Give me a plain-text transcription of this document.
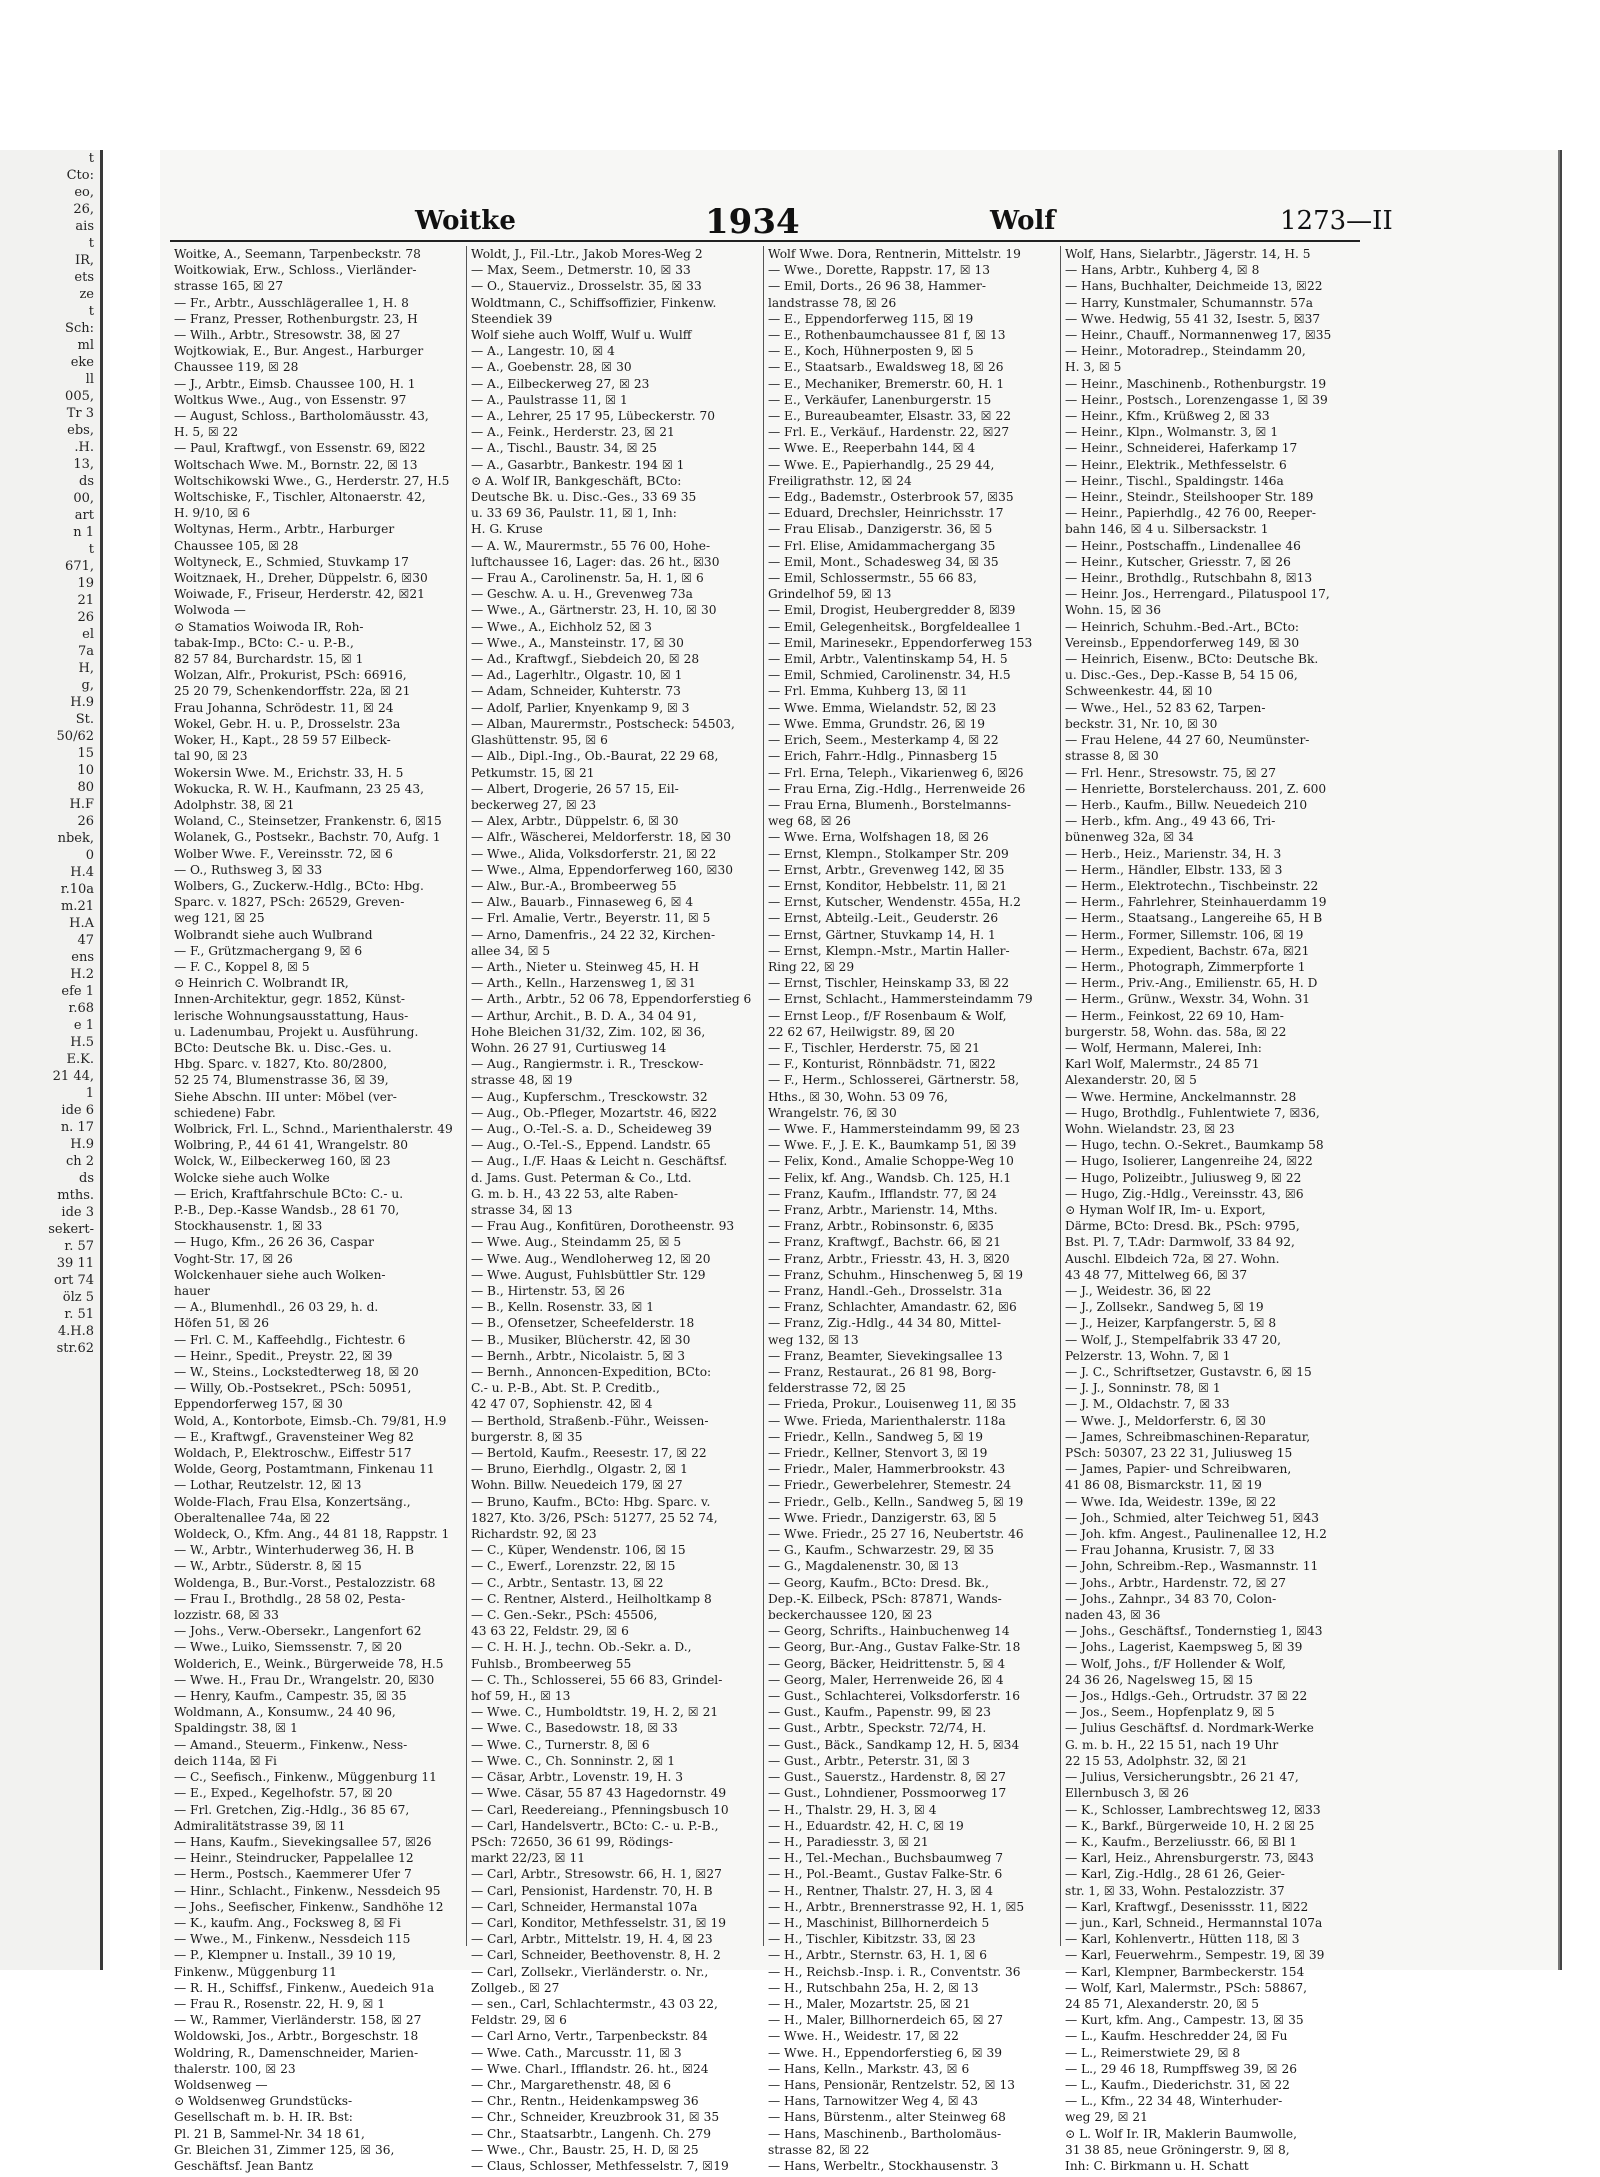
t
Cto:
eo,
26,
ais
t
IR,
ets
ze
t
Sch:
ml
eke
ll
005,
Tr 3
ebs,
.H.
13,
ds
00,
art
n 1
t
671,
19
21
26
el
7a
H,
g,
H.9
St.
50/62
15
10
80
H.F
26
nbek,
0
H.4
r.10a
m.21
H.A
47
ens
H.2
efe 1
r.68
e 1
H.5
E.K.
21 44,
1
ide 6
n. 17
H.9
ch 2
ds
mths.
ide 3
sekert-
r. 57
39 11
ort 74
ölz 5
r. 51
4.H.8
str.62
Woitke	1934	Wolf	1273—II
Woitke, A., Seemann, Tarpenbeckstr. 78
Woitkowiak, Erw., Schloss., Vierländer-
strasse 165, ☒ 27
— Fr., Arbtr., Ausschlägerallee 1, H. 8
— Franz, Presser, Rothenburgstr. 23, H
— Wilh., Arbtr., Stresowstr. 38, ☒ 27
Wojtkowiak, E., Bur. Angest., Harburger
Chaussee 119, ☒ 28
— J., Arbtr., Eimsb. Chaussee 100, H. 1
Woltkus Wwe., Aug., von Essenstr. 97
— August, Schloss., Bartholomäusstr. 43,
H. 5, ☒ 22
— Paul, Kraftwgf., von Essenstr. 69, ☒22
Woltschach Wwe. M., Bornstr. 22, ☒ 13
Woltschikowski Wwe., G., Herderstr. 27, H.5
Woltschiske, F., Tischler, Altonaerstr. 42,
H. 9/10, ☒ 6
Woltynas, Herm., Arbtr., Harburger
Chaussee 105, ☒ 28
Woltyneck, E., Schmied, Stuvkamp 17
Woitznaek, H., Dreher, Düppelstr. 6, ☒30
Woiwade, F., Friseur, Herderstr. 42, ☒21
Wolwoda —
⊙ Stamatios Woiwoda IR, Roh-
tabak-Imp., BCto: C.- u. P.-B.,
82 57 84, Burchardstr. 15, ☒ 1
Wolzan, Alfr., Prokurist, PSch: 66916,
25 20 79, Schenkendorffstr. 22a, ☒ 21
Frau Johanna, Schrödestr. 11, ☒ 24
Wokel, Gebr. H. u. P., Drosselstr. 23a
Woker, H., Kapt., 28 59 57 Eilbeck-
tal 90, ☒ 23
Wokersin Wwe. M., Erichstr. 33, H. 5
Wokucka, R. W. H., Kaufmann, 23 25 43,
Adolphstr. 38, ☒ 21
Woland, C., Steinsetzer, Frankenstr. 6, ☒15
Wolanek, G., Postsekr., Bachstr. 70, Aufg. 1
Wolber Wwe. F., Vereinsstr. 72, ☒ 6
— O., Ruthsweg 3, ☒ 33
Wolbers, G., Zuckerw.-Hdlg., BCto: Hbg.
Sparc. v. 1827, PSch: 26529, Greven-
weg 121, ☒ 25
Wolbrandt siehe auch Wulbrand
— F., Grützmachergang 9, ☒ 6
— F. C., Koppel 8, ☒ 5
⊙ Heinrich C. Wolbrandt IR,
Innen-Architektur, gegr. 1852, Künst-
lerische Wohnungsausstattung, Haus-
u. Ladenumbau, Projekt u. Ausführung.
BCto: Deutsche Bk. u. Disc.-Ges. u.
Hbg. Sparc. v. 1827, Kto. 80/2800,
52 25 74, Blumenstrasse 36, ☒ 39,
Siehe Abschn. III unter: Möbel (ver-
schiedene) Fabr.
Wolbrick, Frl. L., Schnd., Marienthalerstr. 49
Wolbring, P., 44 61 41, Wrangelstr. 80
Wolck, W., Eilbeckerweg 160, ☒ 23
Wolcke siehe auch Wolke
— Erich, Kraftfahrschule BCto: C.- u.
P.-B., Dep.-Kasse Wandsb., 28 61 70,
Stockhausenstr. 1, ☒ 33
— Hugo, Kfm., 26 26 36, Caspar
Voght-Str. 17, ☒ 26
Wolckenhauer siehe auch Wolken-
hauer
— A., Blumenhdl., 26 03 29, h. d.
Höfen 51, ☒ 26
— Frl. C. M., Kaffeehdlg., Fichtestr. 6
— Heinr., Spedit., Preystr. 22, ☒ 39
— W., Steins., Lockstedterweg 18, ☒ 20
— Willy, Ob.-Postsekret., PSch: 50951,
Eppendorferweg 157, ☒ 30
Wold, A., Kontorbote, Eimsb.-Ch. 79/81, H.9
— E., Kraftwgf., Gravensteiner Weg 82
Woldach, P., Elektroschw., Eiffestr 517
Wolde, Georg, Postamtmann, Finkenau 11
— Lothar, Reutzelstr. 12, ☒ 13
Wolde-Flach, Frau Elsa, Konzertsäng.,
Oberaltenallee 74a, ☒ 22
Woldeck, O., Kfm. Ang., 44 81 18, Rappstr. 1
— W., Arbtr., Winterhuderweg 36, H. B
— W., Arbtr., Süderstr. 8, ☒ 15
Woldenga, B., Bur.-Vorst., Pestalozzistr. 68
— Frau I., Brothdlg., 28 58 02, Pesta-
lozzistr. 68, ☒ 33
— Johs., Verw.-Obersekr., Langenfort 62
— Wwe., Luiko, Siemssenstr. 7, ☒ 20
Wolderich, E., Weink., Bürgerweide 78, H.5
— Wwe. H., Frau Dr., Wrangelstr. 20, ☒30
— Henry, Kaufm., Campestr. 35, ☒ 35
Woldmann, A., Konsumw., 24 40 96,
Spaldingstr. 38, ☒ 1
— Amand., Steuerm., Finkenw., Ness-
deich 114a, ☒ Fi
— C., Seefisch., Finkenw., Müggenburg 11
— E., Exped., Kegelhofstr. 57, ☒ 20
— Frl. Gretchen, Zig.-Hdlg., 36 85 67,
Admiralitätstrasse 39, ☒ 11
— Hans, Kaufm., Sievekingsallee 57, ☒26
— Heinr., Steindrucker, Pappelallee 12
— Herm., Postsch., Kaemmerer Ufer 7
— Hinr., Schlacht., Finkenw., Nessdeich 95
— Johs., Seefischer, Finkenw., Sandhöhe 12
— K., kaufm. Ang., Focksweg 8, ☒ Fi
— Wwe., M., Finkenw., Nessdeich 115
— P., Klempner u. Install., 39 10 19,
Finkenw., Müggenburg 11
— R. H., Schiffsf., Finkenw., Auedeich 91a
— Frau R., Rosenstr. 22, H. 9, ☒ 1
— W., Rammer, Vierländerstr. 158, ☒ 27
Woldowski, Jos., Arbtr., Borgeschstr. 18
Woldring, R., Damenschneider, Marien-
thalerstr. 100, ☒ 23
Woldsenweg —
⊙ Woldsenweg Grundstücks-
Gesellschaft m. b. H. IR. Bst:
Pl. 21 B, Sammel-Nr. 34 18 61,
Gr. Bleichen 31, Zimmer 125, ☒ 36,
Geschäftsf. Jean Bantz
Woldt, J., Fil.-Ltr., Jakob Mores-Weg 2
— Max, Seem., Detmerstr. 10, ☒ 33
— O., Stauerviz., Drosselstr. 35, ☒ 33
Woldtmann, C., Schiffsoffizier, Finkenw.
Steendiek 39
Wolf siehe auch Wolff, Wulf u. Wulff
— A., Langestr. 10, ☒ 4
— A., Goebenstr. 28, ☒ 30
— A., Eilbeckerweg 27, ☒ 23
— A., Paulstrasse 11, ☒ 1
— A., Lehrer, 25 17 95, Lübeckerstr. 70
— A., Feink., Herderstr. 23, ☒ 21
— A., Tischl., Baustr. 34, ☒ 25
— A., Gasarbtr., Bankestr. 194 ☒ 1
⊙ A. Wolf IR, Bankgeschäft, BCto:
Deutsche Bk. u. Disc.-Ges., 33 69 35
u. 33 69 36, Paulstr. 11, ☒ 1, Inh:
H. G. Kruse
— A. W., Maurermstr., 55 76 00, Hohe-
luftchaussee 16, Lager: das. 26 ht., ☒30
— Frau A., Carolinenstr. 5a, H. 1, ☒ 6
— Geschw. A. u. H., Grevenweg 73a
— Wwe., A., Gärtnerstr. 23, H. 10, ☒ 30
— Wwe., A., Eichholz 52, ☒ 3
— Wwe., A., Mansteinstr. 17, ☒ 30
— Ad., Kraftwgf., Siebdeich 20, ☒ 28
— Ad., Lagerhltr., Olgastr. 10, ☒ 1
— Adam, Schneider, Kuhterstr. 73
— Adolf, Parlier, Knyenkamp 9, ☒ 3
— Alban, Maurermstr., Postscheck: 54503,
Glashüttenstr. 95, ☒ 6
— Alb., Dipl.-Ing., Ob.-Baurat, 22 29 68,
Petkumstr. 15, ☒ 21
— Albert, Drogerie, 26 57 15, Eil-
beckerweg 27, ☒ 23
— Alex, Arbtr., Düppelstr. 6, ☒ 30
— Alfr., Wäscherei, Meldorferstr. 18, ☒ 30
— Wwe., Alida, Volksdorferstr. 21, ☒ 22
— Wwe., Alma, Eppendorferweg 160, ☒30
— Alw., Bur.-A., Brombeerweg 55
— Alw., Bauarb., Finnaseweg 6, ☒ 4
— Frl. Amalie, Vertr., Beyerstr. 11, ☒ 5
— Arno, Damenfris., 24 22 32, Kirchen-
allee 34, ☒ 5
— Arth., Nieter u. Steinweg 45, H. H
— Arth., Kelln., Harzensweg 1, ☒ 31
— Arth., Arbtr., 52 06 78, Eppendorferstieg 6
— Arthur, Archit., B. D. A., 34 04 91,
Hohe Bleichen 31/32, Zim. 102, ☒ 36,
Wohn. 26 27 91, Curtiusweg 14
— Aug., Rangiermstr. i. R., Tresckow-
strasse 48, ☒ 19
— Aug., Kupferschm., Tresckowstr. 32
— Aug., Ob.-Pfleger, Mozartstr. 46, ☒22
— Aug., O.-Tel.-S. a. D., Scheideweg 39
— Aug., O.-Tel.-S., Eppend. Landstr. 65
— Aug., I./F. Haas & Leicht n. Geschäftsf.
d. Jams. Gust. Peterman & Co., Ltd.
G. m. b. H., 43 22 53, alte Raben-
strasse 34, ☒ 13
— Frau Aug., Konfitüren, Dorotheenstr. 93
— Wwe. Aug., Steindamm 25, ☒ 5
— Wwe. Aug., Wendloherweg 12, ☒ 20
— Wwe. August, Fuhlsbüttler Str. 129
— B., Hirtenstr. 53, ☒ 26
— B., Kelln. Rosenstr. 33, ☒ 1
— B., Ofensetzer, Scheefelderstr. 18
— B., Musiker, Blücherstr. 42, ☒ 30
— Bernh., Arbtr., Nicolaistr. 5, ☒ 3
— Bernh., Annoncen-Expedition, BCto:
C.- u. P.-B., Abt. St. P. Creditb.,
42 47 07, Sophienstr. 42, ☒ 4
— Berthold, Straßenb.-Führ., Weissen-
burgerstr. 8, ☒ 35
— Bertold, Kaufm., Reesestr. 17, ☒ 22
— Bruno, Eierhdlg., Olgastr. 2, ☒ 1
Wohn. Billw. Neuedeich 179, ☒ 27
— Bruno, Kaufm., BCto: Hbg. Sparc. v.
1827, Kto. 3/26, PSch: 51277, 25 52 74,
Richardstr. 92, ☒ 23
— C., Küper, Wendenstr. 106, ☒ 15
— C., Ewerf., Lorenzstr. 22, ☒ 15
— C., Arbtr., Sentastr. 13, ☒ 22
— C. Rentner, Alsterd., Heilholtkamp 8
— C. Gen.-Sekr., PSch: 45506,
43 63 22, Feldstr. 29, ☒ 6
— C. H. H. J., techn. Ob.-Sekr. a. D.,
Fuhlsb., Brombeerweg 55
— C. Th., Schlosserei, 55 66 83, Grindel-
hof 59, H., ☒ 13
— Wwe. C., Humboldtstr. 19, H. 2, ☒ 21
— Wwe. C., Basedowstr. 18, ☒ 33
— Wwe. C., Turnerstr. 8, ☒ 6
— Wwe. C., Ch. Sonninstr. 2, ☒ 1
— Cäsar, Arbtr., Lovenstr. 19, H. 3
— Wwe. Cäsar, 55 87 43 Hagedornstr. 49
— Carl, Reedereiang., Pfenningsbusch 10
— Carl, Handelsvertr., BCto: C.- u. P.-B.,
PSch: 72650, 36 61 99, Rödings-
markt 22/23, ☒ 11
— Carl, Arbtr., Stresowstr. 66, H. 1, ☒27
— Carl, Pensionist, Hardenstr. 70, H. B
— Carl, Schneider, Hermanstal 107a
— Carl, Konditor, Methfesselstr. 31, ☒ 19
— Carl, Arbtr., Mittelstr. 19, H. 4, ☒ 23
— Carl, Schneider, Beethovenstr. 8, H. 2
— Carl, Zollsekr., Vierländerstr. o. Nr.,
Zollgeb., ☒ 27
— sen., Carl, Schlachtermstr., 43 03 22,
Feldstr. 29, ☒ 6
— Carl Arno, Vertr., Tarpenbeckstr. 84
— Wwe. Cath., Marcusstr. 11, ☒ 3
— Wwe. Charl., Ifflandstr. 26. ht., ☒24
— Chr., Margarethenstr. 48, ☒ 6
— Chr., Rentn., Heidenkampsweg 36
— Chr., Schneider, Kreuzbrook 31, ☒ 35
— Chr., Staatsarbtr., Langenh. Ch. 279
— Wwe., Chr., Baustr. 25, H. D, ☒ 25
— Claus, Schlosser, Methfesselstr. 7, ☒19
Wolf Wwe. Dora, Rentnerin, Mittelstr. 19
— Wwe., Dorette, Rappstr. 17, ☒ 13
— Emil, Dorts., 26 96 38, Hammer-
landstrasse 78, ☒ 26
— E., Eppendorferweg 115, ☒ 19
— E., Rothenbaumchaussee 81 f, ☒ 13
— E., Koch, Hühnerposten 9, ☒ 5
— E., Staatsarb., Ewaldsweg 18, ☒ 26
— E., Mechaniker, Bremerstr. 60, H. 1
— E., Verkäufer, Lanenburgerstr. 15
— E., Bureaubeamter, Elsastr. 33, ☒ 22
— Frl. E., Verkäuf., Hardenstr. 22, ☒27
— Wwe. E., Reeperbahn 144, ☒ 4
— Wwe. E., Papierhandlg., 25 29 44,
Freiligrathstr. 12, ☒ 24
— Edg., Bademstr., Osterbrook 57, ☒35
— Eduard, Drechsler, Heinrichsstr. 17
— Frau Elisab., Danzigerstr. 36, ☒ 5
— Frl. Elise, Amidammachergang 35
— Emil, Mont., Schadesweg 34, ☒ 35
— Emil, Schlossermstr., 55 66 83,
Grindelhof 59, ☒ 13
— Emil, Drogist, Heubergredder 8, ☒39
— Emil, Gelegenheitsk., Borgfeldeallee 1
— Emil, Marinesekr., Eppendorferweg 153
— Emil, Arbtr., Valentinskamp 54, H. 5
— Emil, Schmied, Carolinenstr. 34, H.5
— Frl. Emma, Kuhberg 13, ☒ 11
— Wwe. Emma, Wielandstr. 52, ☒ 23
— Wwe. Emma, Grundstr. 26, ☒ 19
— Erich, Seem., Mesterkamp 4, ☒ 22
— Erich, Fahrr.-Hdlg., Pinnasberg 15
— Frl. Erna, Teleph., Vikarienweg 6, ☒26
— Frau Erna, Zig.-Hdlg., Herrenweide 26
— Frau Erna, Blumenh., Borstelmanns-
weg 68, ☒ 26
— Wwe. Erna, Wolfshagen 18, ☒ 26
— Ernst, Klempn., Stolkamper Str. 209
— Ernst, Arbtr., Grevenweg 142, ☒ 35
— Ernst, Konditor, Hebbelstr. 11, ☒ 21
— Ernst, Kutscher, Wendenstr. 455a, H.2
— Ernst, Abteilg.-Leit., Geuderstr. 26
— Ernst, Gärtner, Stuvkamp 14, H. 1
— Ernst, Klempn.-Mstr., Martin Haller-
Ring 22, ☒ 29
— Ernst, Tischler, Heinskamp 33, ☒ 22
— Ernst, Schlacht., Hammersteindamm 79
— Ernst Leop., f/F Rosenbaum & Wolf,
22 62 67, Heilwigstr. 89, ☒ 20
— F., Tischler, Herderstr. 75, ☒ 21
— F., Konturist, Rönnbädstr. 71, ☒22
— F., Herm., Schlosserei, Gärtnerstr. 58,
Hths., ☒ 30, Wohn. 53 09 76,
Wrangelstr. 76, ☒ 30
— Wwe. F., Hammersteindamm 99, ☒ 23
— Wwe. F., J. E. K., Baumkamp 51, ☒ 39
— Felix, Kond., Amalie Schoppe-Weg 10
— Felix, kf. Ang., Wandsb. Ch. 125, H.1
— Franz, Kaufm., Ifflandstr. 77, ☒ 24
— Franz, Arbtr., Marienstr. 14, Mths.
— Franz, Arbtr., Robinsonstr. 6, ☒35
— Franz, Kraftwgf., Bachstr. 66, ☒ 21
— Franz, Arbtr., Friesstr. 43, H. 3, ☒20
— Franz, Schuhm., Hinschenweg 5, ☒ 19
— Franz, Handl.-Geh., Drosselstr. 31a
— Franz, Schlachter, Amandastr. 62, ☒6
— Franz, Zig.-Hdlg., 44 34 80, Mittel-
weg 132, ☒ 13
— Franz, Beamter, Sievekingsallee 13
— Franz, Restaurat., 26 81 98, Borg-
felderstrasse 72, ☒ 25
— Frieda, Prokur., Louisenweg 11, ☒ 35
— Wwe. Frieda, Marienthalerstr. 118a
— Friedr., Kelln., Sandweg 5, ☒ 19
— Friedr., Kellner, Stenvort 3, ☒ 19
— Friedr., Maler, Hammerbrookstr. 43
— Friedr., Gewerbelehrer, Stemestr. 24
— Friedr., Gelb., Kelln., Sandweg 5, ☒ 19
— Wwe. Friedr., Danzigerstr. 63, ☒ 5
— Wwe. Friedr., 25 27 16, Neubertstr. 46
— G., Kaufm., Schwarzestr. 29, ☒ 35
— G., Magdalenenstr. 30, ☒ 13
— Georg, Kaufm., BCto: Dresd. Bk.,
Dep.-K. Eilbeck, PSch: 87871, Wands-
beckerchaussee 120, ☒ 23
— Georg, Schrifts., Hainbuchenweg 14
— Georg, Bur.-Ang., Gustav Falke-Str. 18
— Georg, Bäcker, Heidrittenstr. 5, ☒ 4
— Georg, Maler, Herrenweide 26, ☒ 4
— Gust., Schlachterei, Volksdorferstr. 16
— Gust., Kaufm., Papenstr. 99, ☒ 23
— Gust., Arbtr., Speckstr. 72/74, H.
— Gust., Bäck., Sandkamp 12, H. 5, ☒34
— Gust., Arbtr., Peterstr. 31, ☒ 3
— Gust., Sauerstz., Hardenstr. 8, ☒ 27
— Gust., Lohndiener, Possmoorweg 17
— H., Thalstr. 29, H. 3, ☒ 4
— H., Eduardstr. 42, H. C, ☒ 19
— H., Paradiesstr. 3, ☒ 21
— H., Tel.-Mechan., Buchsbaumweg 7
— H., Pol.-Beamt., Gustav Falke-Str. 6
— H., Rentner, Thalstr. 27, H. 3, ☒ 4
— H., Arbtr., Brennerstrasse 92, H. 1, ☒5
— H., Maschinist, Billhornerdeich 5
— H., Tischler, Kibitzstr. 33, ☒ 23
— H., Arbtr., Sternstr. 63, H. 1, ☒ 6
— H., Reichsb.-Insp. i. R., Conventstr. 36
— H., Rutschbahn 25a, H. 2, ☒ 13
— H., Maler, Mozartstr. 25, ☒ 21
— H., Maler, Billhornerdeich 65, ☒ 27
— Wwe. H., Weidestr. 17, ☒ 22
— Wwe. H., Eppendorferstieg 6, ☒ 39
— Hans, Kelln., Markstr. 43, ☒ 6
— Hans, Pensionär, Rentzelstr. 52, ☒ 13
— Hans, Tarnowitzer Weg 4, ☒ 43
— Hans, Bürstenm., alter Steinweg 68
— Hans, Maschinenb., Bartholomäus-
strasse 82, ☒ 22
— Hans, Werbeltr., Stockhausenstr. 3
Wolf, Hans, Sielarbtr., Jägerstr. 14, H. 5
— Hans, Arbtr., Kuhberg 4, ☒ 8
— Hans, Buchhalter, Deichmeide 13, ☒22
— Harry, Kunstmaler, Schumannstr. 57a
— Wwe. Hedwig, 55 41 32, Isestr. 5, ☒37
— Heinr., Chauff., Normannenweg 17, ☒35
— Heinr., Motoradrep., Steindamm 20,
H. 3, ☒ 5
— Heinr., Maschinenb., Rothenburgstr. 19
— Heinr., Postsch., Lorenzengasse 1, ☒ 39
— Heinr., Kfm., Krüßweg 2, ☒ 33
— Heinr., Klpn., Wolmanstr. 3, ☒ 1
— Heinr., Schneiderei, Haferkamp 17
— Heinr., Elektrik., Methfesselstr. 6
— Heinr., Tischl., Spaldingstr. 146a
— Heinr., Steindr., Steilshooper Str. 189
— Heinr., Papierhdlg., 42 76 00, Reeper-
bahn 146, ☒ 4 u. Silbersackstr. 1
— Heinr., Postschaffn., Lindenallee 46
— Heinr., Kutscher, Griesstr. 7, ☒ 26
— Heinr., Brothdlg., Rutschbahn 8, ☒13
— Heinr. Jos., Herrengard., Pilatuspool 17,
Wohn. 15, ☒ 36
— Heinrich, Schuhm.-Bed.-Art., BCto:
Vereinsb., Eppendorferweg 149, ☒ 30
— Heinrich, Eisenw., BCto: Deutsche Bk.
u. Disc.-Ges., Dep.-Kasse B, 54 15 06,
Schweenkestr. 44, ☒ 10
— Wwe., Hel., 52 83 62, Tarpen-
beckstr. 31, Nr. 10, ☒ 30
— Frau Helene, 44 27 60, Neumünster-
strasse 8, ☒ 30
— Frl. Henr., Stresowstr. 75, ☒ 27
— Henriette, Borstelerchauss. 201, Z. 600
— Herb., Kaufm., Billw. Neuedeich 210
— Herb., kfm. Ang., 49 43 66, Tri-
bünenweg 32a, ☒ 34
— Herb., Heiz., Marienstr. 34, H. 3
— Herm., Händler, Elbstr. 133, ☒ 3
— Herm., Elektrotechn., Tischbeinstr. 22
— Herm., Fahrlehrer, Steinhauerdamm 19
— Herm., Staatsang., Langereihe 65, H B
— Herm., Former, Sillemstr. 106, ☒ 19
— Herm., Expedient, Bachstr. 67a, ☒21
— Herm., Photograph, Zimmerpforte 1
— Herm., Priv.-Ang., Emilienstr. 65, H. D
— Herm., Grünw., Wexstr. 34, Wohn. 31
— Herm., Feinkost, 22 69 10, Ham-
burgerstr. 58, Wohn. das. 58a, ☒ 22
— Wolf, Hermann, Malerei, Inh:
Karl Wolf, Malermstr., 24 85 71
Alexanderstr. 20, ☒ 5
— Wwe. Hermine, Anckelmannstr. 28
— Hugo, Brothdlg., Fuhlentwiete 7, ☒36,
Wohn. Wielandstr. 23, ☒ 23
— Hugo, techn. O.-Sekret., Baumkamp 58
— Hugo, Isolierer, Langenreihe 24, ☒22
— Hugo, Polizeibtr., Juliusweg 9, ☒ 22
— Hugo, Zig.-Hdlg., Vereinsstr. 43, ☒6
⊙ Hyman Wolf IR, Im- u. Export,
Därme, BCto: Dresd. Bk., PSch: 9795,
Bst. Pl. 7, T.Adr: Darmwolf, 33 84 92,
Auschl. Elbdeich 72a, ☒ 27. Wohn.
43 48 77, Mittelweg 66, ☒ 37
— J., Weidestr. 36, ☒ 22
— J., Zollsekr., Sandweg 5, ☒ 19
— J., Heizer, Karpfangerstr. 5, ☒ 8
— Wolf, J., Stempelfabrik 33 47 20,
Pelzerstr. 13, Wohn. 7, ☒ 1
— J. C., Schriftsetzer, Gustavstr. 6, ☒ 15
— J. J., Sonninstr. 78, ☒ 1
— J. M., Oldachstr. 7, ☒ 33
— Wwe. J., Meldorferstr. 6, ☒ 30
— James, Schreibmaschinen-Reparatur,
PSch: 50307, 23 22 31, Juliusweg 15
— James, Papier- und Schreibwaren,
41 86 08, Bismarckstr. 11, ☒ 19
— Wwe. Ida, Weidestr. 139e, ☒ 22
— Joh., Schmied, alter Teichweg 51, ☒43
— Joh. kfm. Angest., Paulinenallee 12, H.2
— Frau Johanna, Krusistr. 7, ☒ 33
— John, Schreibm.-Rep., Wasmannstr. 11
— Johs., Arbtr., Hardenstr. 72, ☒ 27
— Johs., Zahnpr., 34 83 70, Colon-
naden 43, ☒ 36
— Johs., Geschäftsf., Tondernstieg 1, ☒43
— Johs., Lagerist, Kaempsweg 5, ☒ 39
— Wolf, Johs., f/F Hollender & Wolf,
24 36 26, Nagelsweg 15, ☒ 15
— Jos., Hdlgs.-Geh., Ortrudstr. 37 ☒ 22
— Jos., Seem., Hopfenplatz 9, ☒ 5
— Julius Geschäftsf. d. Nordmark-Werke
G. m. b. H., 22 15 51, nach 19 Uhr
22 15 53, Adolphstr. 32, ☒ 21
— Julius, Versicherungsbtr., 26 21 47,
Ellernbusch 3, ☒ 26
— K., Schlosser, Lambrechtsweg 12, ☒33
— K., Barkf., Bürgerweide 10, H. 2 ☒ 25
— K., Kaufm., Berzeliusstr. 66, ☒ Bl 1
— Karl, Heiz., Ahrensburgerstr. 73, ☒43
— Karl, Zig.-Hdlg., 28 61 26, Geier-
str. 1, ☒ 33, Wohn. Pestalozzistr. 37
— Karl, Kraftwgf., Desenissstr. 11, ☒22
— jun., Karl, Schneid., Hermannstal 107a
— Karl, Kohlenvertr., Hütten 118, ☒ 3
— Karl, Feuerwehrm., Sempestr. 19, ☒ 39
— Karl, Klempner, Barmbeckerstr. 154
— Wolf, Karl, Malermstr., PSch: 58867,
24 85 71, Alexanderstr. 20, ☒ 5
— Kurt, kfm. Ang., Campestr. 13, ☒ 35
— L., Kaufm. Heschredder 24, ☒ Fu
— L., Reimerstwiete 29, ☒ 8
— L., 29 46 18, Rumpffsweg 39, ☒ 26
— L., Kaufm., Diederichstr. 31, ☒ 22
— L., Kfm., 22 34 48, Winterhuder-
weg 29, ☒ 21
⊙ L. Wolf Ir. IR, Maklerin Baumwolle,
31 38 85, neue Gröningerstr. 9, ☒ 8,
Inh: C. Birkmann u. H. Schatt
